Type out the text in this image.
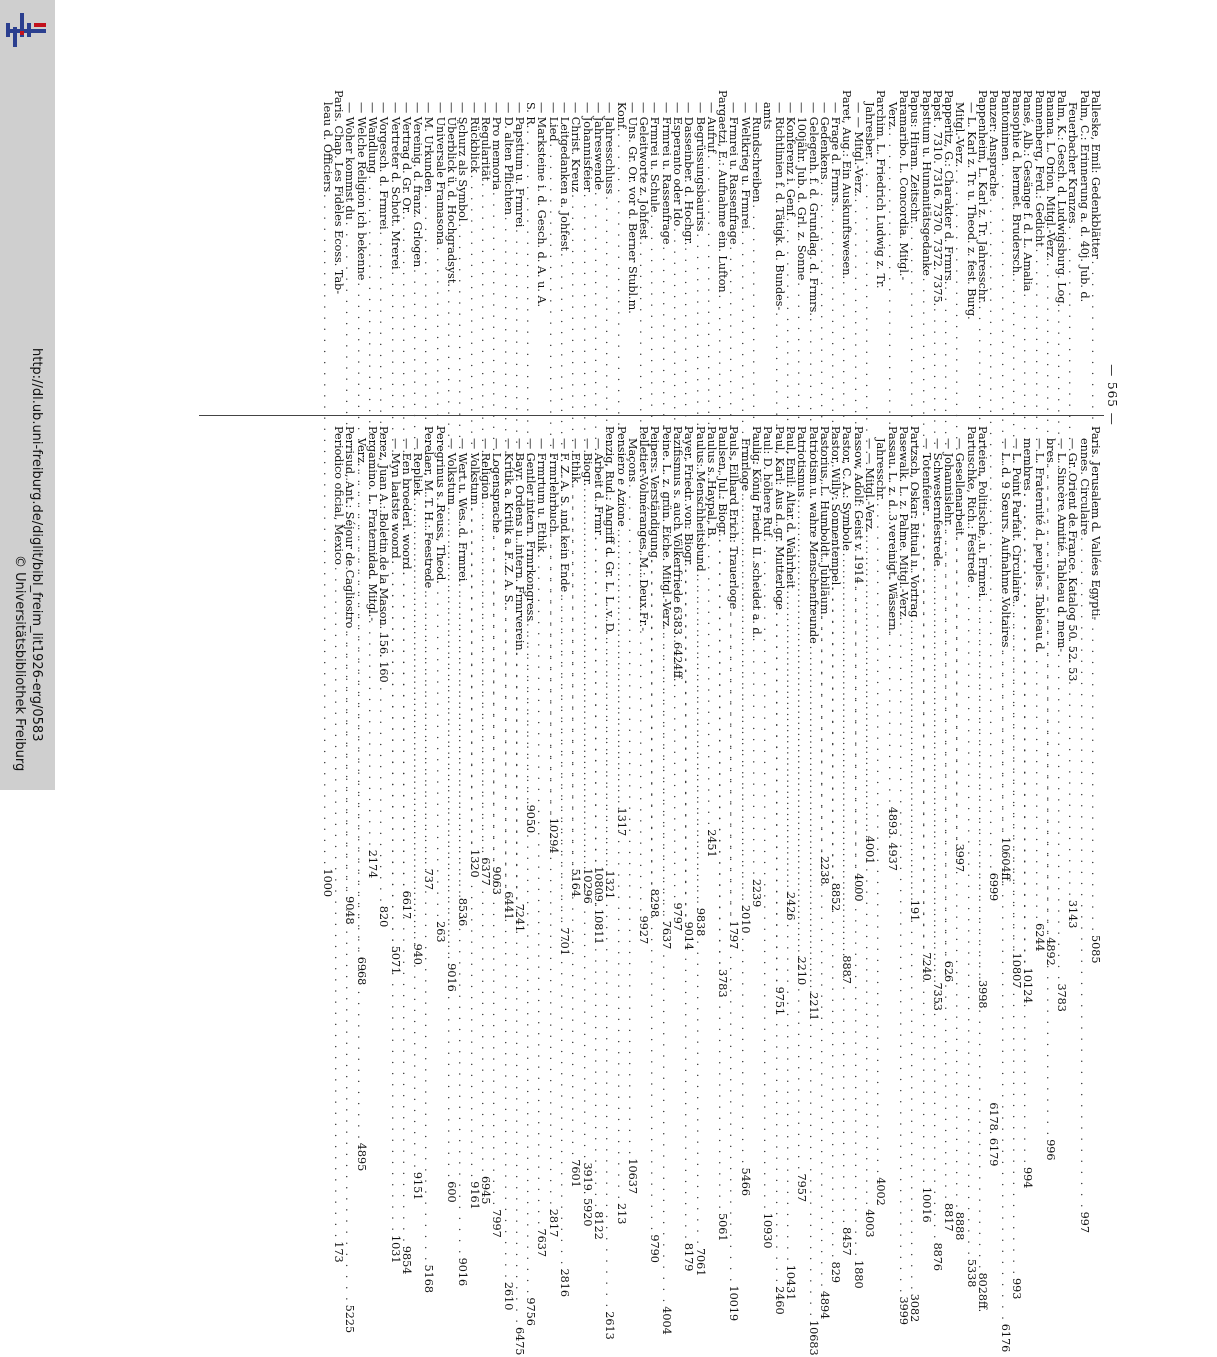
http://dl.ub.uni-freiburg.de/diglit/bibl_freim_lit1926-erg/0583
© Universitätsbibliothek Freiburg
— 565 —
Palleske, Emil: Gedenkblätter
. . .
5085
Palm, C.: Erinnerung a. d. 40j. Jub. d.
Feuerbacher Kranzes
. . .
3143
Palm, K.: Gesch. d. Ludwigsburg. Log.
. . .
3783
Panama. L. Orion. Mitgl.-Verz.
. . .
4892
Pannenberg, Ferd.: Gedicht
. . .
6244
Pansé, Alb.: Gesänge f. d. L. Amalia
. . .
10124
Pansophie d. hermet. Brudersch.
. . .
10807
Pantomimen
. . .
10604ff.
Panzer: Ansprache
. . .
6999
Pappenheim, L. Karl z. Tr. Jahresschr.
. . .
3998
— L. Karl z. Tr. u. Theod. z. fest. Burg.
Mitgl.-Verz.
. . .
3997
Papperitz, G.: Charakter d. Frmrs.
. . .
626
Papst . 7310. 7316. 7370. 7372. 7375.
. . .
7353
Papsttum u. Humanitätsgedanke
. . .
7240
Papus: Hiram. Zeitschr.
. . .
191
Paramaribo. L. Concordia. Mitgl.-
Verz.
. . .
4893. 4937
Parchim. L. Friedrich Ludwig z. Tr.
Jahresber.
. . .
4001
— — Mitgl.-Verz.
. . .
4000
Paret, Aug.: Ein Auskunftswesen.
. . .
8887
— Frage d. Frmrs.
. . .
8852
— Gedenkens
. . .
2238
— Gelegenh. f. d. Grundlag. d. Frmrs.
. . .
2211
— 100jähr. Jub. d. Grl. z. Sonne
. . .
2210
— Konferenz i. Genf
. . .
2426
— Richtlinien f. d. Tätigk. d. Bundes-
. . .
9751
amts
— Rundschreiben
. . .
2239
— Weltkrieg u. Frmrei
. . .
2010
— Frmrei u. Rassenfrage
. . .
1797
Pargaetzi, E.: Aufnahme ein. Lufton
. . .
3783
— Aufruf
. . .
2451
— Begrüssungsbauriss
. . .
9838
— Dasseinber. d. Hochgr.
. . .
9014
— Esperanto oder Ido
. . .
9797
— Frmrei u. Rassenfrage
. . .
7637
— Frmrei u. Schule
. . .
8298
— Geleitworte z. Johfest
. . .
9927
— Uns. Gr. Or. vor d. Berner Stubl.m.
Konf.
. . .
1317
— Jahresschluss
. . .
1321
— Jahreswende
. . .
10809. 10811
— Johannisfeier
. . .
10296
— Christ. Kreuz
. . .
5164
— Leitgedanken a. Johfest
. . .
7701
— Lied
. . .
10294
— Marksteine i. d. Gesch. d. A. u. A.
S. R.
. . .
9050
— Papsttum u. Frmrei
. . .
7241
— D. alten Pflichten
. . .
6441
— Pro memoria
. . .
9063
— Regularität
. . .
6377
— Rückblick
. . .
1320
— Schurz als Symbol
. . .
8536
— Überblick ü. d. Hochgradsyst.
. . .
9016
— Universale Framasona
. . .
263
— M. Urkunden
. . .
737
— Vereinig. d. franz. Grlogen
. . .
940
— Vertrag d. Gr. Or.
. . .
6617
— Vertreter d. Schott. Mrerei
. . .
5071
— Vorgesch. d. Frmrei
. . .
820
— Wandlung
. . .
2174
— Welche Religion ich bekenne
. . .
6968
— Woher kommst du
. . .
9048
Paris. Chap. Les Fidèles Ecoss. Tab-
leau d. Officiers
. . .
1000
Paris. Jerusalem d. Vallées Egypti-
ennes. Circulaire
. . .
997
— Gr. Orient de France. Katalog 50. 52. 53
— L. Sincère Amitié. Tableau d. mem-
bres
. . .
996
— L. Fraternité d. peuples. Tableau d.
membres
. . .
994
— L. Point Parfait. Circulaire
. . .
993
— L. d. 9 Sœurs. Aufnahme Voltaires
. . .
6176
6178. 6179
Parteien, Politische, u. Frmrei
. . .
8028ff.
Partuschke, Rich.: Festrede
. . .
5338
— Gesellenarbeit
. . .
8888
— Johannislehr.
. . .
8817
— Schwesternfestrede
. . .
8876
— Totenfeier
. . .
10016
Partzsch, Oskar: Ritual u. Vortrag
. . .
3082
Pasewalk. L. z. Palme. Mitgl.-Verz.
. . .
3999
Passau. L. z. d. 3 vereinigt. Wässern.
Jahresschr.
. . .
4002
— — Mitgl.-Verz.
. . .
4003
Passow, Adolf: Geist v. 1914
. . .
1880
Pastor, C. A.: Symbole
. . .
8457
Pastor, Willy: Sonnentempel
. . .
829
Pastorius, L. Humboldt. Jubiläum
. . .
4894
Patriotism u. wahre Menschenfreunde
. . .
10683
Patriotismus
. . .
7957
Paul, Emil: Altar d. Wahrheit
. . .
10431
Paul, Karl: Aus d. gr. Mutterloge
. . .
2460
Paul: D. höhere Ruf
. . .
10930
Paulig: König Friedr. II. scheidet a. d.
Frmrloge
. . .
5466
Pauls, Eilhard Erich: Trauerloge
. . .
10019
Paulsen, Jul.: Biogr.
. . .
5061
Paulus s. Haypal, B.
Paulus: Menschheitsbund
. . .
7061
Payer, Friedr. von: Biogr.
. . .
8179
Pazifismus s. auch Völkerfriede 6383. 6424ff.
Peine. L. z. grün. Eiche. Mitgl.-Verz.
. . .
4004
Peipers: Verständigung
. . .
9790
Pelletier-Volméranges, M.: Deux Fr.-
Maçons
. . .
10637
Pensiero e Azione
. . .
213
Penzig, Rud.: Angriff d. Gr. L. L. v. D.
. . .
2613
— Arbeit d. Frmr
. . .
8122
— Biogr.
. . .
3919. 5920
— Ethik
. . .
7601
— F. Z. A. S. und kein Ende
. . .
2816
— Frmrlehrbuch
. . .
2817
— Frmrtum u. Ethik
. . .
7637
— Gentler intern. Frmrkongress
. . .
9756
— Bayr. Ordens u. intern. Frmrverein
. . .
6475
— Kritik a. Kritik a. F. Z. A. S.
. . .
2610
— Logensprache
. . .
7997
— Religion
. . .
6945
— Volkstum
. . .
9161
— Wert u. Wes. d. Frmrei
. . .
9016
— Volkstum
. . .
600
Peregrinus s. Reuss, Theod.
Perelaer, M. T. H.: Feestrede
. . .
5168
— Repliek
. . .
9151
— Een broederl. woord
. . .
9854
— Myn laatste woord
. . .
1031
Perez, Juan A.: Boletin de la Mason. 156. 160
Pergamino. L. Fraternidad. Mitgl.-
Verz.
. . .
4895
Perrisud, Ant.: Séjour de Cagliostro
. . .
5225
Periodico oficial, Mexico
. . .
173
